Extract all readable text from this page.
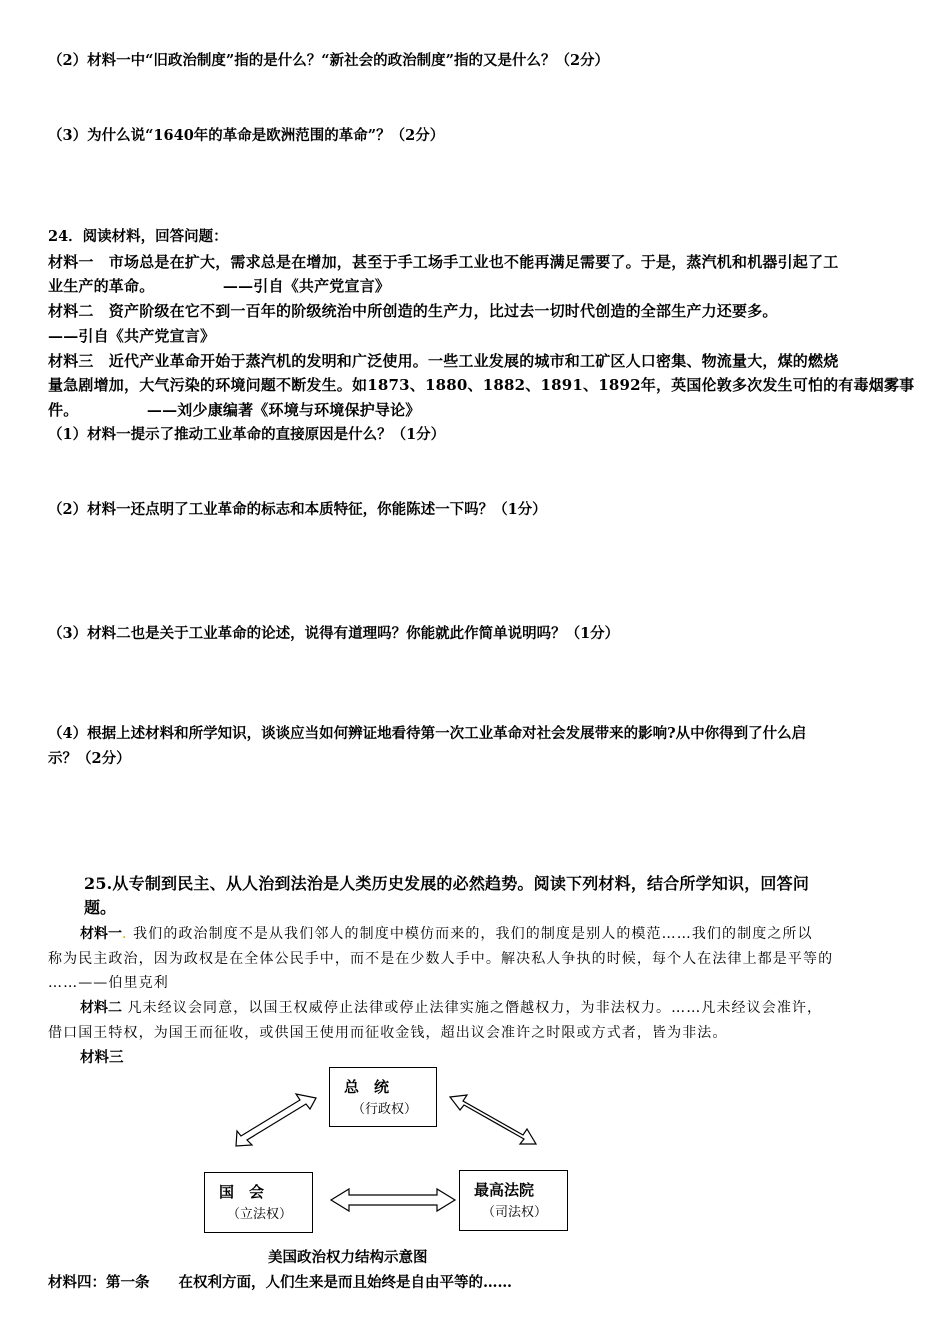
（2）材料一中“旧政治制度”指的是什么？“新社会的政治制度”指的又是什么？（2分）
（3）为什么说“1640年的革命是欧洲范围的革命”？（2分）
24．阅读材料，回答问题：
材料一　市场总是在扩大，需求总是在增加，甚至于手工场手工业也不能再满足需要了。于是，蒸汽机和机器引起了工
业生产的革命。　　　　　——引自《共产党宣言》
材料二　资产阶级在它不到一百年的阶级统治中所创造的生产力，比过去一切时代创造的全部生产力还要多。
——引自《共产党宣言》
材料三　近代产业革命开始于蒸汽机的发明和广泛使用。一些工业发展的城市和工矿区人口密集、物流量大，煤的燃烧
量急剧增加，大气污染的环境问题不断发生。如1873、1880、1882、1891、1892年，英国伦敦多次发生可怕的有毒烟雾事
件。　　　　　——刘少康编著《环境与环境保护导论》
（1）材料一提示了推动工业革命的直接原因是什么？（1分）
（2）材料一还点明了工业革命的标志和本质特征，你能陈述一下吗？（1分）
（3）材料二也是关于工业革命的论述，说得有道理吗？你能就此作简单说明吗？（1分）
（4）根据上述材料和所学知识，谈谈应当如何辨证地看待第一次工业革命对社会发展带来的影响?从中你得到了什么启
示？（2分）
25.从专制到民主、从人治到法治是人类历史发展的必然趋势。阅读下列材料，结合所学知识，回答问
题。
材料一. 我们的政治制度不是从我们邻人的制度中模仿而来的，我们的制度是别人的模范……我们的制度之所以
称为民主政治，因为政权是在全体公民手中，而不是在少数人手中。解决私人争执的时候，每个人在法律上都是平等的
……——伯里克利
材料二 凡未经议会同意，以国王权威停止法律或停止法律实施之僭越权力，为非法权力。……凡未经议会准许，
借口国王特权，为国王而征收，或供国王使用而征收金钱，超出议会准许之时限或方式者，皆为非法。
材料三
总　统
（行政权）
国　会
（立法权）
最高法院
（司法权）
美国政治权力结构示意图
材料四：第一条　　在权利方面，人们生来是而且始终是自由平等的……
